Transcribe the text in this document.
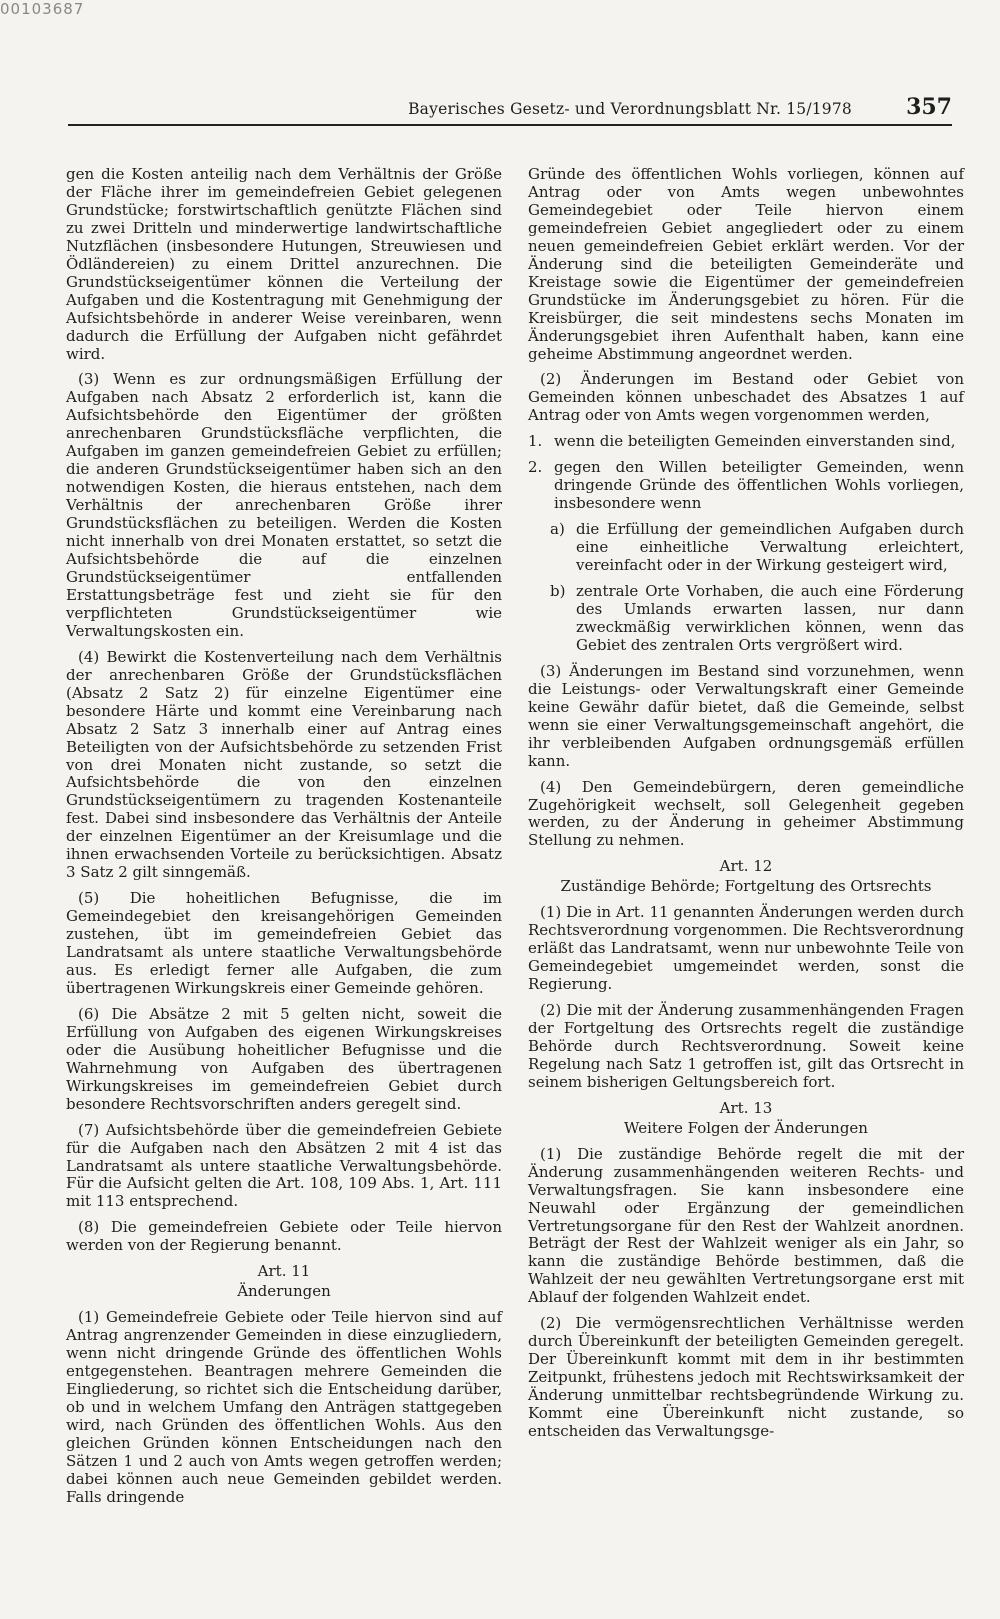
00103687
Bayerisches Gesetz- und Verordnungsblatt Nr. 15/1978 357

gen die Kosten anteilig nach dem Verhältnis der Größe der Fläche ihrer im gemeindefreien Gebiet gelegenen Grundstücke; forstwirtschaftlich genützte Flächen sind zu zwei Dritteln und minderwertige landwirtschaftliche Nutzflächen (insbesondere Hutungen, Streuwiesen und Ödländereien) zu einem Drittel anzurechnen. Die Grundstückseigentümer können die Verteilung der Aufgaben und die Kostentragung mit Genehmigung der Aufsichtsbehörde in anderer Weise vereinbaren, wenn dadurch die Erfüllung der Aufgaben nicht gefährdet wird.

(3) Wenn es zur ordnungsmäßigen Erfüllung der Aufgaben nach Absatz 2 erforderlich ist, kann die Aufsichtsbehörde den Eigentümer der größten anrechenbaren Grundstücksfläche verpflichten, die Aufgaben im ganzen gemeindefreien Gebiet zu erfüllen; die anderen Grundstückseigentümer haben sich an den notwendigen Kosten, die hieraus entstehen, nach dem Verhältnis der anrechenbaren Größe ihrer Grundstücksflächen zu beteiligen. Werden die Kosten nicht innerhalb von drei Monaten erstattet, so setzt die Aufsichtsbehörde die auf die einzelnen Grundstückseigentümer entfallenden Erstattungsbeträge fest und zieht sie für den verpflichteten Grundstückseigentümer wie Verwaltungskosten ein.

(4) Bewirkt die Kostenverteilung nach dem Verhältnis der anrechenbaren Größe der Grundstücksflächen (Absatz 2 Satz 2) für einzelne Eigentümer eine besondere Härte und kommt eine Vereinbarung nach Absatz 2 Satz 3 innerhalb einer auf Antrag eines Beteiligten von der Aufsichtsbehörde zu setzenden Frist von drei Monaten nicht zustande, so setzt die Aufsichtsbehörde die von den einzelnen Grundstückseigentümern zu tragenden Kostenanteile fest. Dabei sind insbesondere das Verhältnis der Anteile der einzelnen Eigentümer an der Kreisumlage und die ihnen erwachsenden Vorteile zu berücksichtigen. Absatz 3 Satz 2 gilt sinngemäß.

(5) Die hoheitlichen Befugnisse, die im Gemeindegebiet den kreisangehörigen Gemeinden zustehen, übt im gemeindefreien Gebiet das Landratsamt als untere staatliche Verwaltungsbehörde aus. Es erledigt ferner alle Aufgaben, die zum übertragenen Wirkungskreis einer Gemeinde gehören.

(6) Die Absätze 2 mit 5 gelten nicht, soweit die Erfüllung von Aufgaben des eigenen Wirkungskreises oder die Ausübung hoheitlicher Befugnisse und die Wahrnehmung von Aufgaben des übertragenen Wirkungskreises im gemeindefreien Gebiet durch besondere Rechtsvorschriften anders geregelt sind.

(7) Aufsichtsbehörde über die gemeindefreien Gebiete für die Aufgaben nach den Absätzen 2 mit 4 ist das Landratsamt als untere staatliche Verwaltungsbehörde. Für die Aufsicht gelten die Art. 108, 109 Abs. 1, Art. 111 mit 113 entsprechend.

(8) Die gemeindefreien Gebiete oder Teile hiervon werden von der Regierung benannt.

Art. 11
Änderungen

(1) Gemeindefreie Gebiete oder Teile hiervon sind auf Antrag angrenzender Gemeinden in diese einzugliedern, wenn nicht dringende Gründe des öffentlichen Wohls entgegenstehen. Beantragen mehrere Gemeinden die Eingliederung, so richtet sich die Entscheidung darüber, ob und in welchem Umfang den Anträgen stattgegeben wird, nach Gründen des öffentlichen Wohls. Aus den gleichen Gründen können Entscheidungen nach den Sätzen 1 und 2 auch von Amts wegen getroffen werden; dabei können auch neue Gemeinden gebildet werden. Falls dringende

Gründe des öffentlichen Wohls vorliegen, können auf Antrag oder von Amts wegen unbewohntes Gemeindegebiet oder Teile hiervon einem gemeindefreien Gebiet angegliedert oder zu einem neuen gemeindefreien Gebiet erklärt werden. Vor der Änderung sind die beteiligten Gemeinderäte und Kreistage sowie die Eigentümer der gemeindefreien Grundstücke im Änderungsgebiet zu hören. Für die Kreisbürger, die seit mindestens sechs Monaten im Änderungsgebiet ihren Aufenthalt haben, kann eine geheime Abstimmung angeordnet werden.

(2) Änderungen im Bestand oder Gebiet von Gemeinden können unbeschadet des Absatzes 1 auf Antrag oder von Amts wegen vorgenommen werden,

1. wenn die beteiligten Gemeinden einverstanden sind,
2. gegen den Willen beteiligter Gemeinden, wenn dringende Gründe des öffentlichen Wohls vorliegen, insbesondere wenn
a) die Erfüllung der gemeindlichen Aufgaben durch eine einheitliche Verwaltung erleichtert, vereinfacht oder in der Wirkung gesteigert wird,
b) zentrale Orte Vorhaben, die auch eine Förderung des Umlands erwarten lassen, nur dann zweckmäßig verwirklichen können, wenn das Gebiet des zentralen Orts vergrößert wird.

(3) Änderungen im Bestand sind vorzunehmen, wenn die Leistungs- oder Verwaltungskraft einer Gemeinde keine Gewähr dafür bietet, daß die Gemeinde, selbst wenn sie einer Verwaltungsgemeinschaft angehört, die ihr verbleibenden Aufgaben ordnungsgemäß erfüllen kann.

(4) Den Gemeindebürgern, deren gemeindliche Zugehörigkeit wechselt, soll Gelegenheit gegeben werden, zu der Änderung in geheimer Abstimmung Stellung zu nehmen.

Art. 12
Zuständige Behörde; Fortgeltung des Ortsrechts

(1) Die in Art. 11 genannten Änderungen werden durch Rechtsverordnung vorgenommen. Die Rechtsverordnung erläßt das Landratsamt, wenn nur unbewohnte Teile von Gemeindegebiet umgemeindet werden, sonst die Regierung.

(2) Die mit der Änderung zusammenhängenden Fragen der Fortgeltung des Ortsrechts regelt die zuständige Behörde durch Rechtsverordnung. Soweit keine Regelung nach Satz 1 getroffen ist, gilt das Ortsrecht in seinem bisherigen Geltungsbereich fort.

Art. 13
Weitere Folgen der Änderungen

(1) Die zuständige Behörde regelt die mit der Änderung zusammenhängenden weiteren Rechts- und Verwaltungsfragen. Sie kann insbesondere eine Neuwahl oder Ergänzung der gemeindlichen Vertretungsorgane für den Rest der Wahlzeit anordnen. Beträgt der Rest der Wahlzeit weniger als ein Jahr, so kann die zuständige Behörde bestimmen, daß die Wahlzeit der neu gewählten Vertretungsorgane erst mit Ablauf der folgenden Wahlzeit endet.

(2) Die vermögensrechtlichen Verhältnisse werden durch Übereinkunft der beteiligten Gemeinden geregelt. Der Übereinkunft kommt mit dem in ihr bestimmten Zeitpunkt, frühestens jedoch mit Rechtswirksamkeit der Änderung unmittelbar rechtsbegründende Wirkung zu. Kommt eine Übereinkunft nicht zustande, so entscheiden das Verwaltungsge-
